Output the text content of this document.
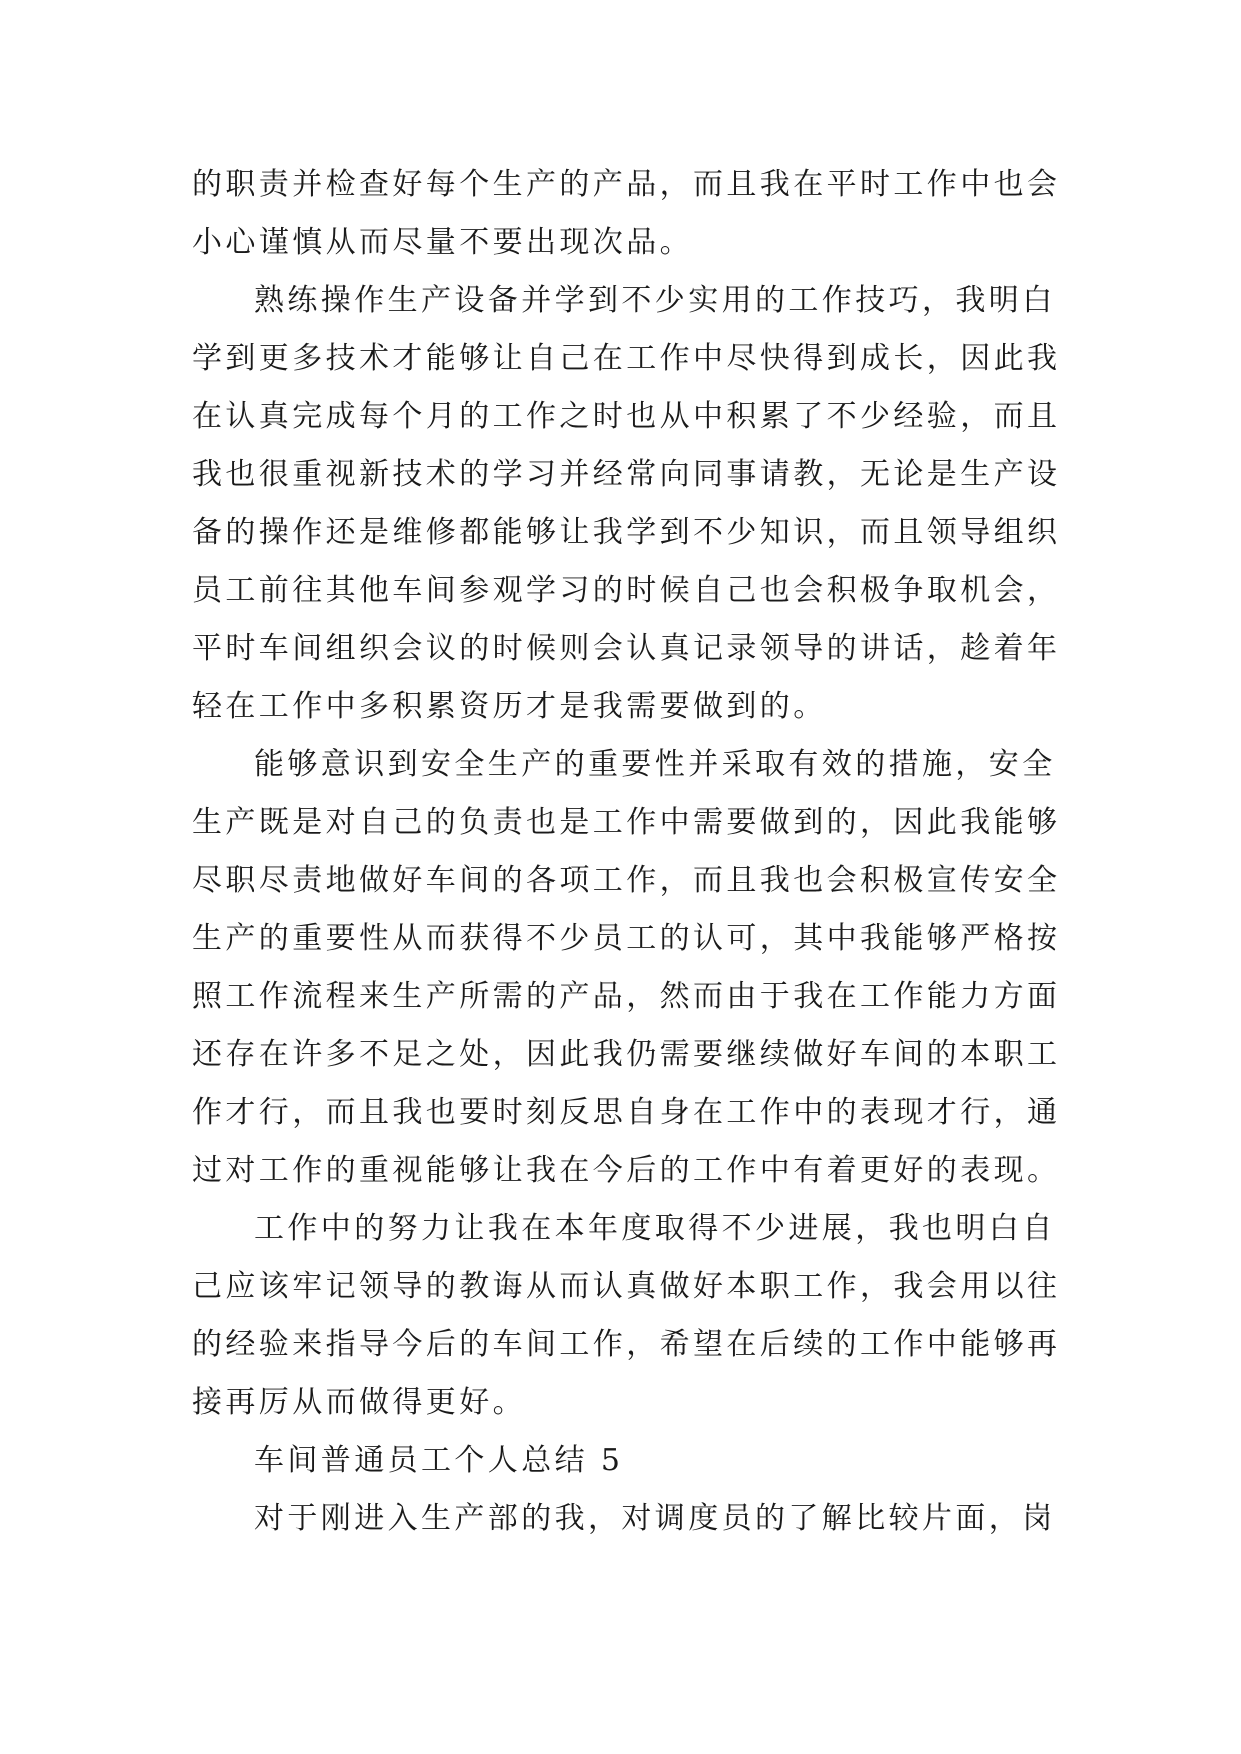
的职责并检查好每个生产的产品，而且我在平时工作中也会
小心谨慎从而尽量不要出现次品。
熟练操作生产设备并学到不少实用的工作技巧，我明白
学到更多技术才能够让自己在工作中尽快得到成长，因此我
在认真完成每个月的工作之时也从中积累了不少经验，而且
我也很重视新技术的学习并经常向同事请教，无论是生产设
备的操作还是维修都能够让我学到不少知识，而且领导组织
员工前往其他车间参观学习的时候自己也会积极争取机会，
平时车间组织会议的时候则会认真记录领导的讲话，趁着年
轻在工作中多积累资历才是我需要做到的。
能够意识到安全生产的重要性并采取有效的措施，安全
生产既是对自己的负责也是工作中需要做到的，因此我能够
尽职尽责地做好车间的各项工作，而且我也会积极宣传安全
生产的重要性从而获得不少员工的认可，其中我能够严格按
照工作流程来生产所需的产品，然而由于我在工作能力方面
还存在许多不足之处，因此我仍需要继续做好车间的本职工
作才行，而且我也要时刻反思自身在工作中的表现才行，通
过对工作的重视能够让我在今后的工作中有着更好的表现。
工作中的努力让我在本年度取得不少进展，我也明白自
己应该牢记领导的教诲从而认真做好本职工作，我会用以往
的经验来指导今后的车间工作，希望在后续的工作中能够再
接再厉从而做得更好。
车间普通员工个人总结 5
对于刚进入生产部的我，对调度员的了解比较片面，岗
